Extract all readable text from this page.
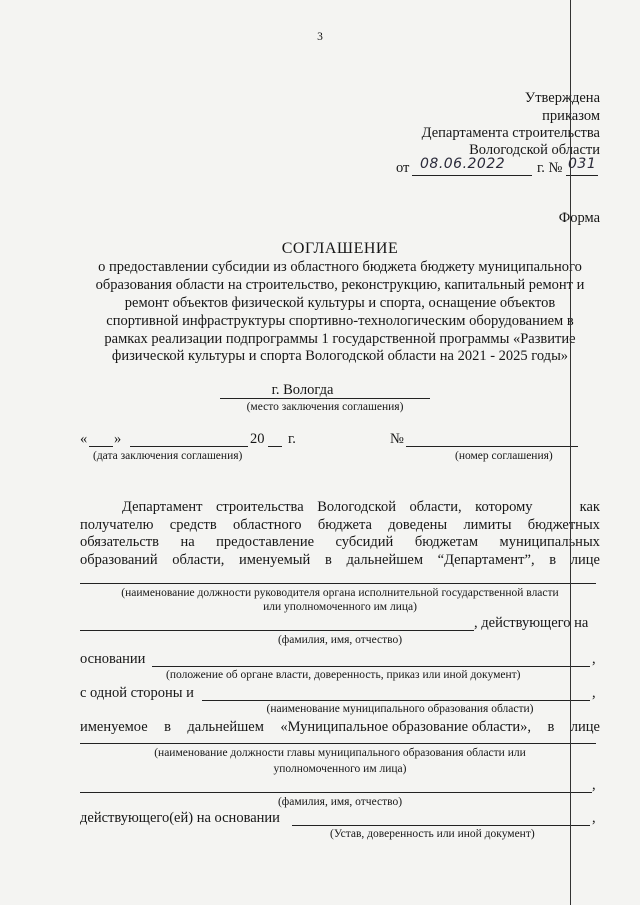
3
Утверждена
приказом
Департамента строительства
Вологодской области
от 08.06.2022 г. № 031
Форма
СОГЛАШЕНИЕ
о предоставлении субсидии из областного бюджета бюджету муниципального
образования области на строительство, реконструкцию, капитальный ремонт и
ремонт объектов физической культуры и спорта, оснащение объектов
спортивной инфраструктуры спортивно-технологическим оборудованием в
рамках реализации подпрограммы 1 государственной программы «Развитие
физической культуры и спорта Вологодской области на 2021 - 2025 годы»
г. Вологда
(место заключения соглашения)
« »	20 г.	№
(дата заключения соглашения)	(номер соглашения)
Департамент строительства Вологодской области, которому	как
получателю средств областного бюджета доведены лимиты бюджетных
обязательств на предоставление субсидий бюджетам муниципальных
образований области, именуемый в дальнейшем “Департамент”, в лице
(наименование должности руководителя органа исполнительной государственной власти
или уполномоченного им лица)
, действующего на
(фамилия, имя, отчество)
основании	,
(положение об органе власти, доверенность, приказ или иной документ)
с одной стороны и	,
(наименование муниципального образования области)
именуемое в дальнейшем «Муниципальное образование области», в лице
(наименование должности главы муниципального образования области или
уполномоченного им лица)
,
(фамилия, имя, отчество)
действующего(ей) на основании	,
(Устав, доверенность или иной документ)
